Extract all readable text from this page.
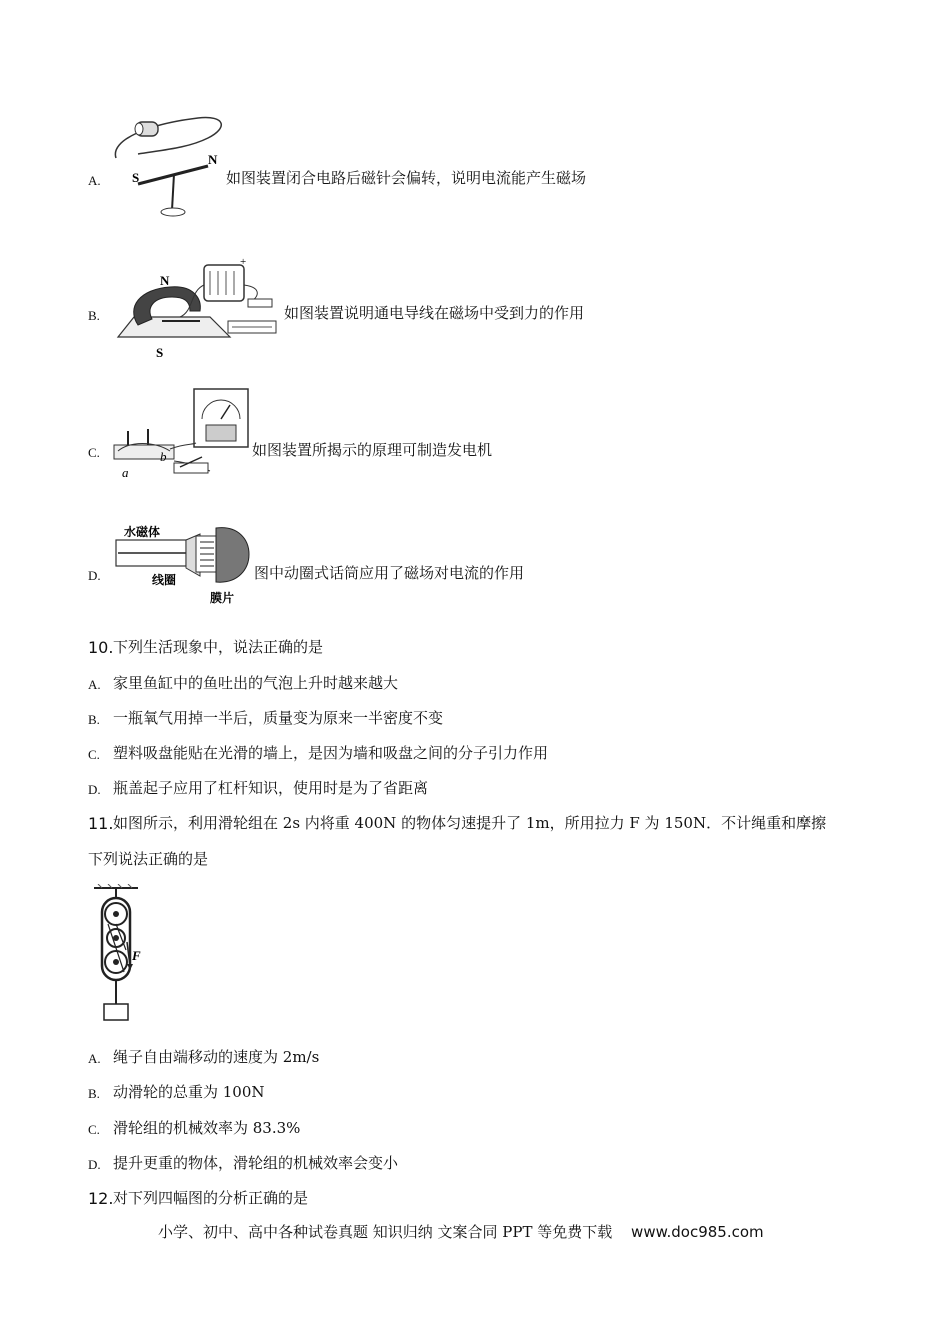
A. S
N
如图装置闭合电路后磁针会偏转，说明电流能产生磁场
B.
N
S
+
如图装置说明通电导线在磁场中受到力的作用
C.
a
b	如图装置所揭示的原理可制造发电机
D.
水磁体
线圈
膜片
图中动圈式话筒应用了磁场对电流的作用
10. 下列生活现象中，说法正确的是
A. 家里鱼缸中的鱼吐出的气泡上升时越来越大
B. 一瓶氧气用掉一半后，质量变为原来一半密度不变
C. 塑料吸盘能贴在光滑的墙上，是因为墙和吸盘之间的分子引力作用
D. 瓶盖起子应用了杠杆知识，使用时是为了省距离
11. 如图所示，利用滑轮组在 2s 内将重 400N 的物体匀速提升了 1m，所用拉力 F 为 150N．不计绳重和摩擦
下列说法正确的是
F
A. 绳子自由端移动的速度为 2m/s
B. 动滑轮的总重为 100N
C. 滑轮组的机械效率为 83.3%
D. 提升更重的物体，滑轮组的机械效率会变小
12. 对下列四幅图的分析正确的是
小学、初中、高中各种试卷真题 知识归纳 文案合同 PPT 等免费下载 www.doc985.com
